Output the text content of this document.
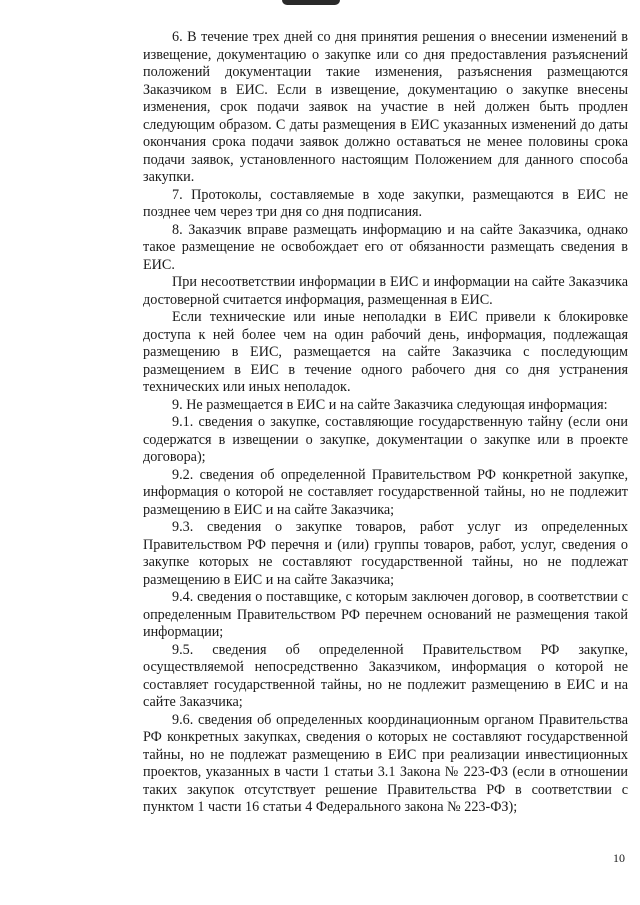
6. В течение трех дней со дня принятия решения о внесении изменений в извещение, документацию о закупке или со дня предоставления разъяснений положений документации такие изменения, разъяснения размещаются Заказчиком в ЕИС. Если в извещение, документацию о закупке внесены изменения, срок подачи заявок на участие в ней должен быть продлен следующим образом. С даты размещения в ЕИС указанных изменений до даты окончания срока подачи заявок должно оставаться не менее половины срока подачи заявок, установленного настоящим Положением для данного способа закупки.

7. Протоколы, составляемые в ходе закупки, размещаются в ЕИС не позднее чем через три дня со дня подписания.

8. Заказчик вправе размещать информацию и на сайте Заказчика, однако такое размещение не освобождает его от обязанности размещать сведения в ЕИС.

При несоответствии информации в ЕИС и информации на сайте Заказчика достоверной считается информация, размещенная в ЕИС.

Если технические или иные неполадки в ЕИС привели к блокировке доступа к ней более чем на один рабочий день, информация, подлежащая размещению в ЕИС, размещается на сайте Заказчика с последующим размещением в ЕИС в течение одного рабочего дня со дня устранения технических или иных неполадок.

9. Не размещается в ЕИС и на сайте Заказчика следующая информация:

9.1. сведения о закупке, составляющие государственную тайну (если они содержатся в извещении о закупке, документации о закупке или в проекте договора);

9.2. сведения об определенной Правительством РФ конкретной закупке, информация о которой не составляет государственной тайны, но не подлежит размещению в ЕИС и на сайте Заказчика;

9.3. сведения о закупке товаров, работ услуг из определенных Правительством РФ перечня и (или) группы товаров, работ, услуг, сведения о закупке которых не составляют государственной тайны, но не подлежат размещению в ЕИС и на сайте Заказчика;

9.4. сведения о поставщике, с которым заключен договор, в соответствии с определенным Правительством РФ перечнем оснований не размещения такой информации;

9.5. сведения об определенной Правительством РФ закупке, осуществляемой непосредственно Заказчиком, информация о которой не составляет государственной тайны, но не подлежит размещению в ЕИС и на сайте Заказчика;

9.6. сведения об определенных координационным органом Правительства РФ конкретных закупках, сведения о которых не составляют государственной тайны, но не подлежат размещению в ЕИС при реализации инвестиционных проектов, указанных в части 1 статьи 3.1 Закона № 223-ФЗ (если в отношении таких закупок отсутствует решение Правительства РФ в соответствии с пунктом 1 части 16 статьи 4 Федерального закона № 223-ФЗ);

10
